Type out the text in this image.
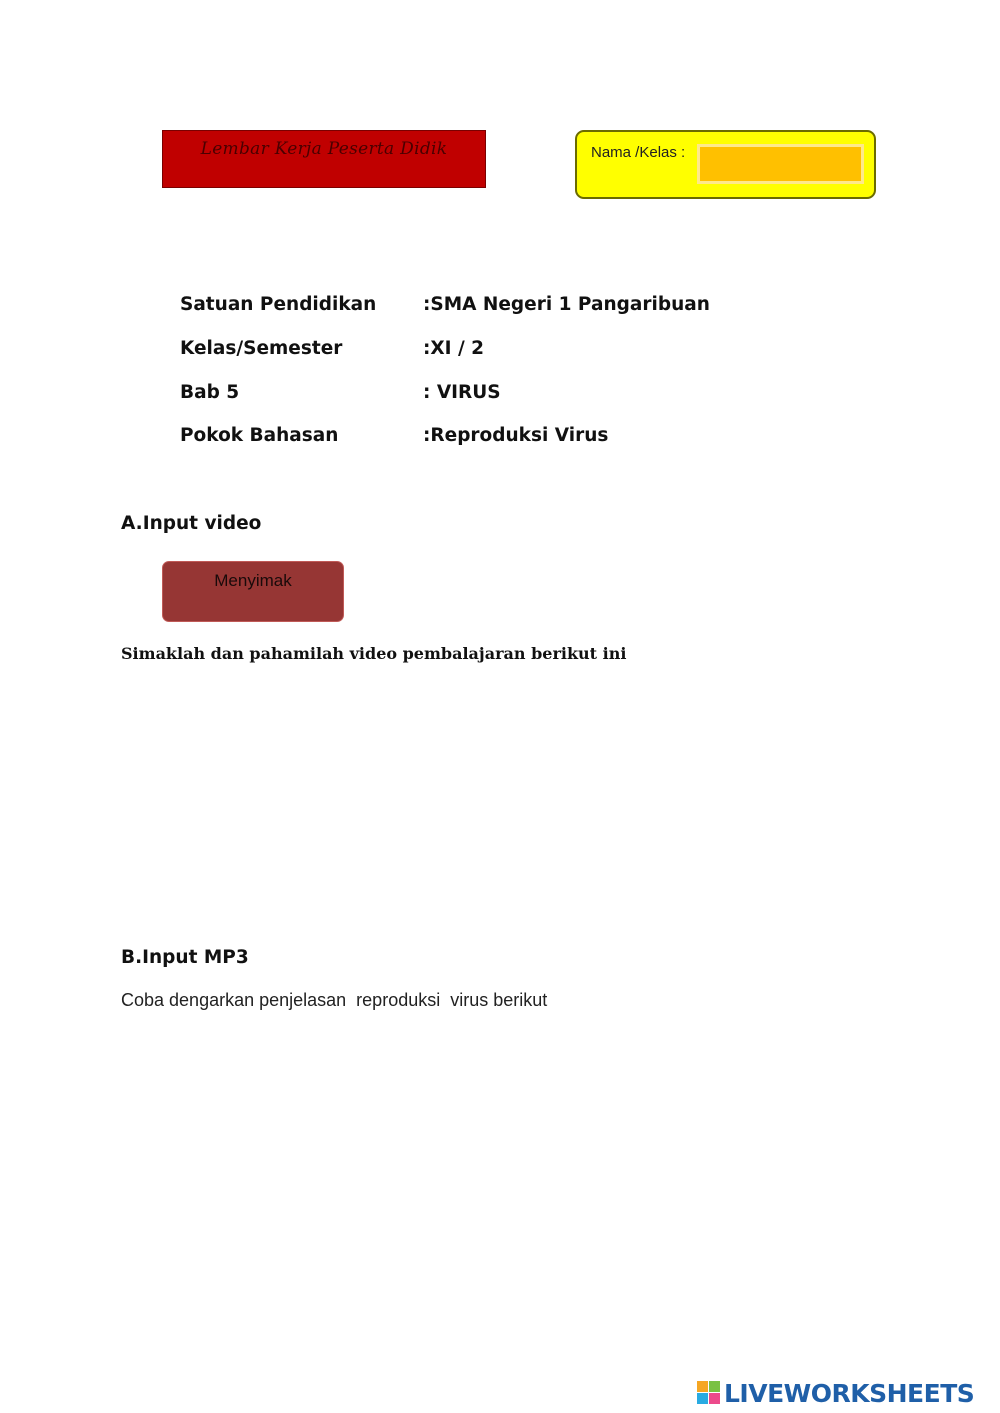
Lembar Kerja Peserta Didik	Nama /Kelas :
Satuan Pendidikan	:SMA Negeri 1 Pangaribuan
Kelas/Semester	:XI / 2
Bab 5	: VIRUS
Pokok Bahasan	:Reproduksi Virus
A.Input video
Menyimak
Simaklah dan pahamilah video pembalajaran berikut ini
B.Input MP3
Coba dengarkan penjelasan  reproduksi  virus berikut
LIVEWORKSHEETS
